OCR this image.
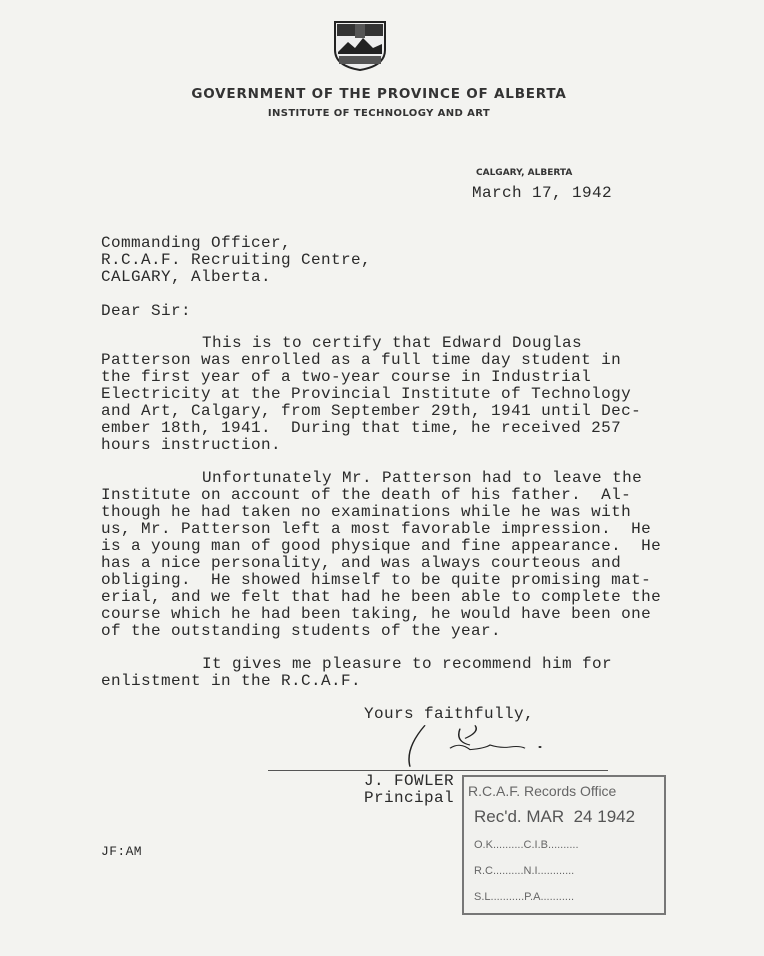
GOVERNMENT OF THE PROVINCE OF ALBERTA
INSTITUTE OF TECHNOLOGY AND ART
CALGARY, ALBERTA
March 17, 1942
Commanding Officer,
R.C.A.F. Recruiting Centre,
CALGARY, Alberta.
Dear Sir:
This is to certify that Edward Douglas
Patterson was enrolled as a full time day student in
the first year of a two-year course in Industrial
Electricity at the Provincial Institute of Technology
and Art, Calgary, from September 29th, 1941 until Dec-
ember 18th, 1941.  During that time, he received 257
hours instruction.
Unfortunately Mr. Patterson had to leave the
Institute on account of the death of his father.  Al-
though he had taken no examinations while he was with
us, Mr. Patterson left a most favorable impression.  He
is a young man of good physique and fine appearance.  He
has a nice personality, and was always courteous and
obliging.  He showed himself to be quite promising mat-
erial, and we felt that had he been able to complete the
course which he had been taking, he would have been one
of the outstanding students of the year.
It gives me pleasure to recommend him for
enlistment in the R.C.A.F.
Yours faithfully,
J. FOWLER
Principal R.C.A.F. Records Office
Rec'd. MAR  24 1942
O.K..........C.I.B..........
R.C..........N.I............
S.L...........P.A...........
JF:AM
